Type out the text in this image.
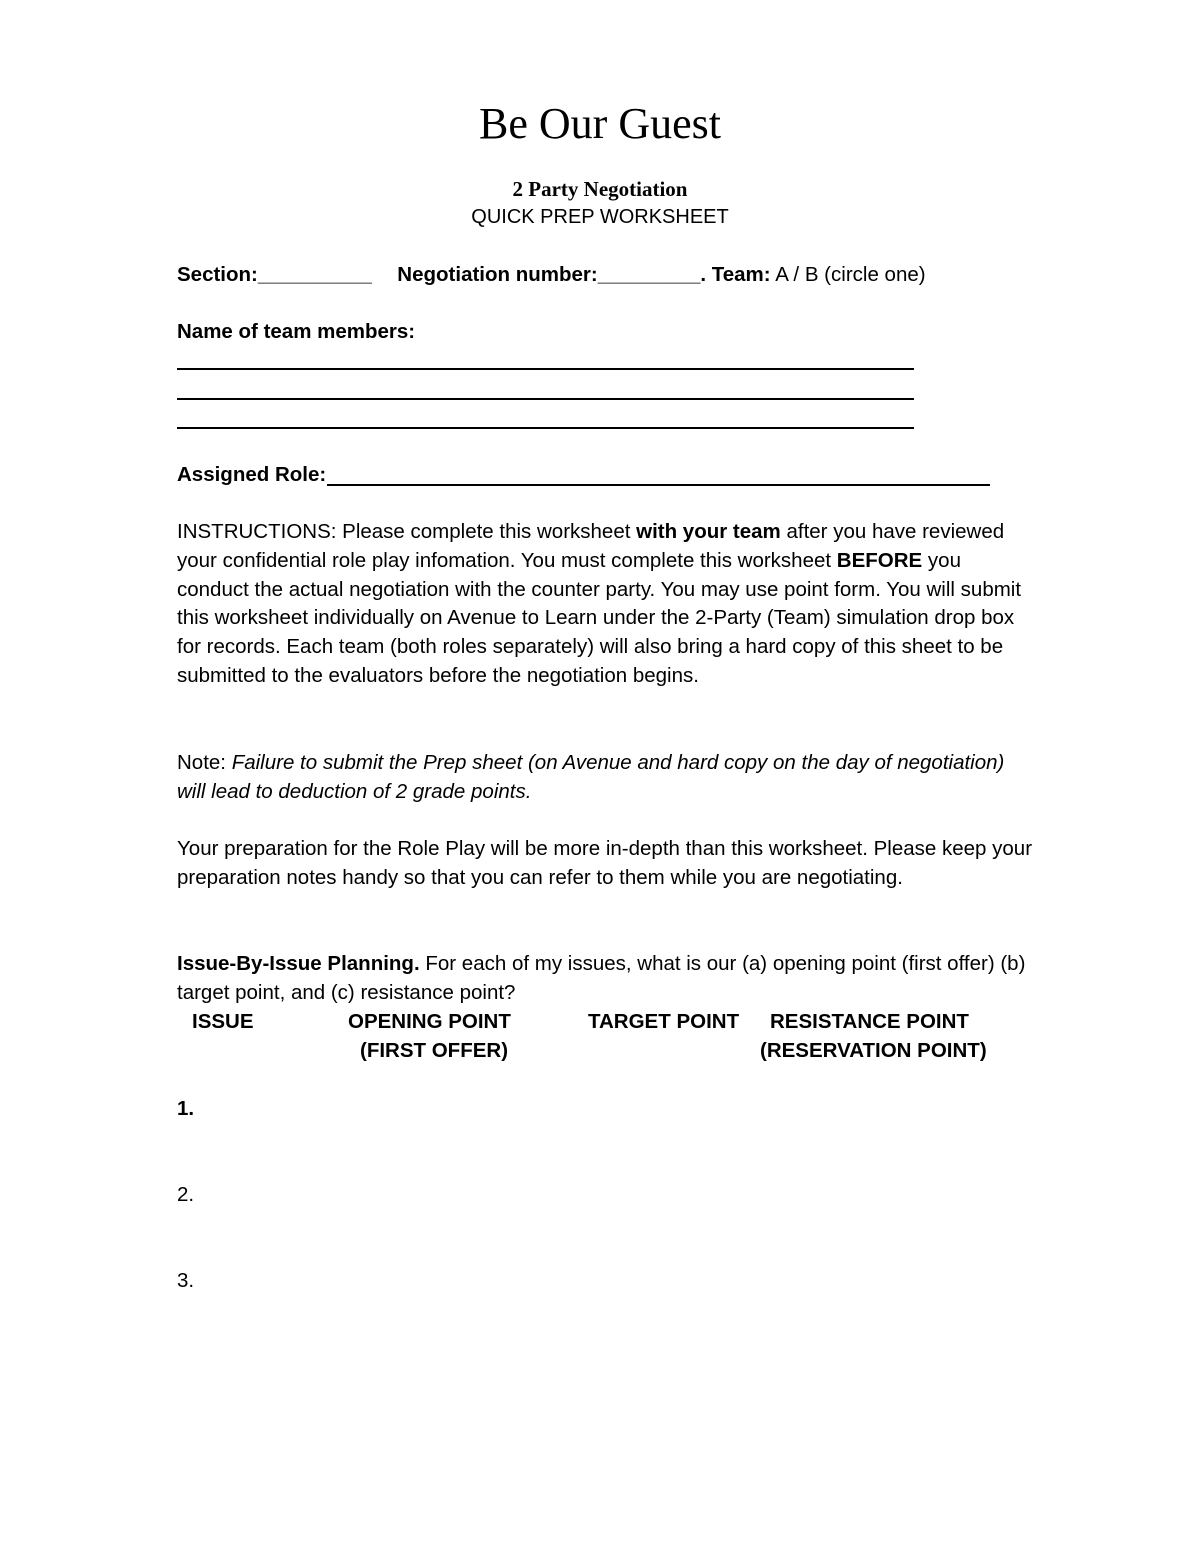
Be Our Guest
2 Party Negotiation
QUICK PREP WORKSHEET
Section:__________ Negotiation number:_________. Team: A / B (circle one)
Name of team members:
Assigned Role:

INSTRUCTIONS: Please complete this worksheet with your team after you have reviewed your confidential role play infomation. You must complete this worksheet BEFORE you conduct the actual negotiation with the counter party. You may use point form. You will submit this worksheet individually on Avenue to Learn under the 2-Party (Team) simulation drop box for records. Each team (both roles separately) will also bring a hard copy of this sheet to be submitted to the evaluators before the negotiation begins.

Note: Failure to submit the Prep sheet (on Avenue and hard copy on the day of negotiation) will lead to deduction of 2 grade points.

Your preparation for the Role Play will be more in-depth than this worksheet. Please keep your preparation notes handy so that you can refer to them while you are negotiating.

Issue-By-Issue Planning. For each of my issues, what is our (a) opening point (first offer) (b) target point, and (c) resistance point?

ISSUE	OPENING POINT
(FIRST OFFER)
TARGET POINT RESISTANCE POINT
(RESERVATION POINT)
1.
2.
3.
